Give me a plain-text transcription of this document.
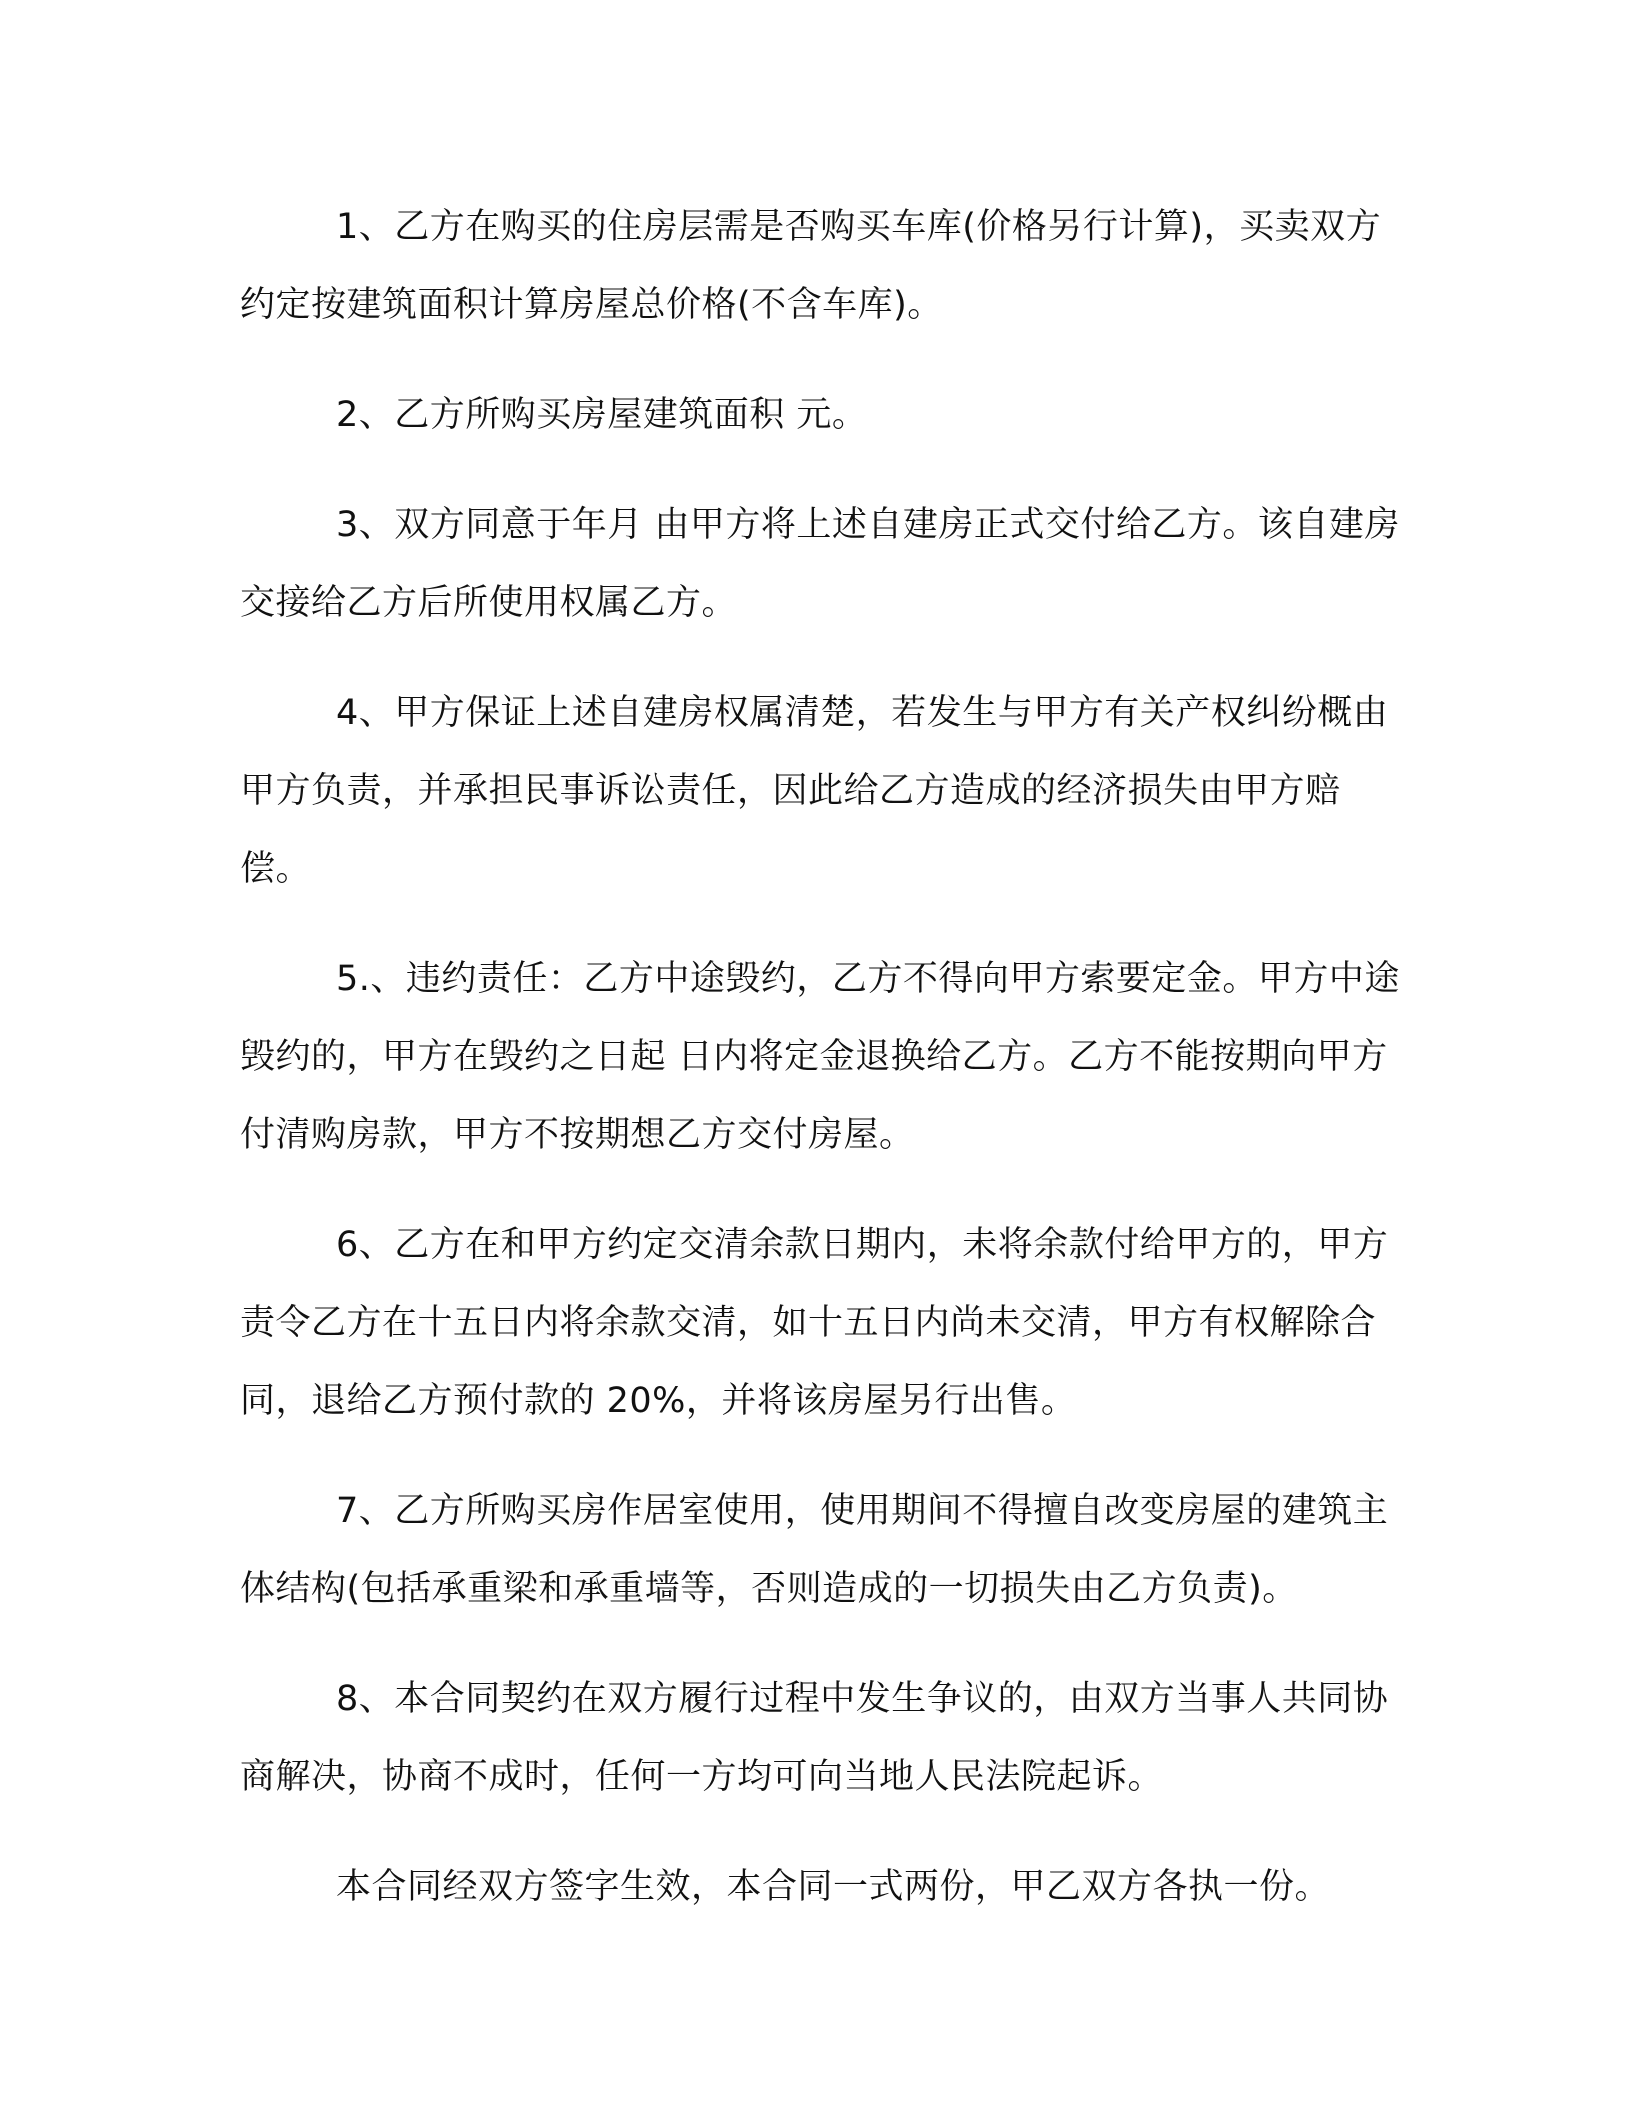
1、乙方在购买的住房层需是否购买车库(价格另行计算)，买卖双方约定按建筑面积计算房屋总价格(不含车库)。

2、乙方所购买房屋建筑面积 元。

3、双方同意于年月 由甲方将上述自建房正式交付给乙方。该自建房交接给乙方后所使用权属乙方。

4、甲方保证上述自建房权属清楚，若发生与甲方有关产权纠纷概由甲方负责，并承担民事诉讼责任，因此给乙方造成的经济损失由甲方赔偿。

5.、违约责任：乙方中途毁约，乙方不得向甲方索要定金。甲方中途毁约的，甲方在毁约之日起 日内将定金退换给乙方。乙方不能按期向甲方付清购房款，甲方不按期想乙方交付房屋。

6、乙方在和甲方约定交清余款日期内，未将余款付给甲方的，甲方责令乙方在十五日内将余款交清，如十五日内尚未交清，甲方有权解除合同，退给乙方预付款的 20%，并将该房屋另行出售。

7、乙方所购买房作居室使用，使用期间不得擅自改变房屋的建筑主体结构(包括承重梁和承重墙等，否则造成的一切损失由乙方负责)。

8、本合同契约在双方履行过程中发生争议的，由双方当事人共同协商解决，协商不成时，任何一方均可向当地人民法院起诉。

本合同经双方签字生效，本合同一式两份，甲乙双方各执一份。
